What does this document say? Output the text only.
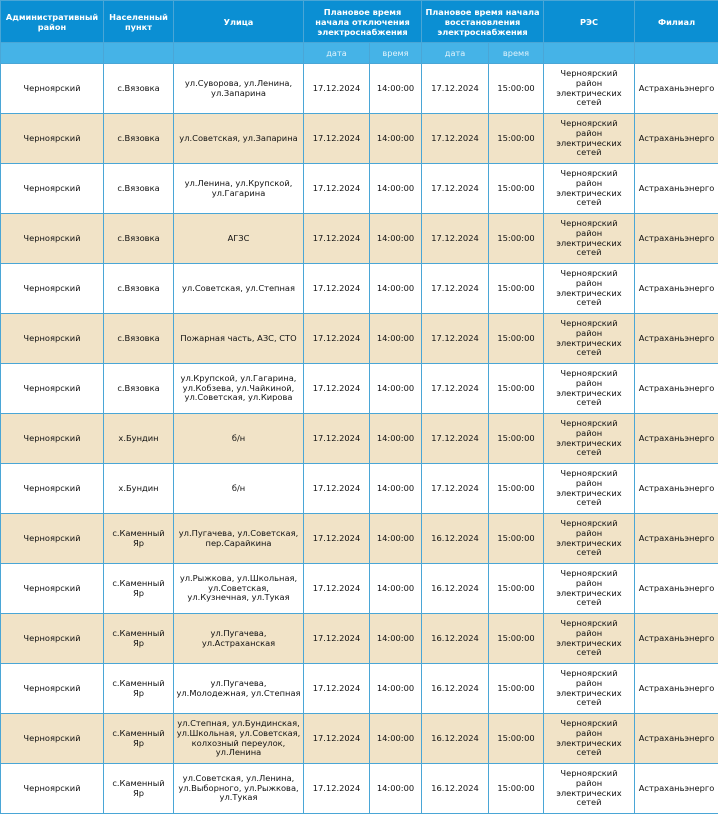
Административный район	Населенный пункт	Улица	Плановое время начала отключения электроснабжения		Плановое время начала восстановления электроснабжения		РЭС	Филиал
			дата	время	дата	время		
Черноярский	с.Вязовка	ул.Суворова, ул.Ленина, ул.Запарина	17.12.2024	14:00:00	17.12.2024	15:00:00	Черноярский район электрических сетей	Астраханьэнерго
Черноярский	с.Вязовка	ул.Советская, ул.Запарина	17.12.2024	14:00:00	17.12.2024	15:00:00	Черноярский район электрических сетей	Астраханьэнерго
Черноярский	с.Вязовка	ул.Ленина, ул.Крупской, ул.Гагарина	17.12.2024	14:00:00	17.12.2024	15:00:00	Черноярский район электрических сетей	Астраханьэнерго
Черноярский	с.Вязовка	АГЗС	17.12.2024	14:00:00	17.12.2024	15:00:00	Черноярский район электрических сетей	Астраханьэнерго
Черноярский	с.Вязовка	ул.Советская, ул.Степная	17.12.2024	14:00:00	17.12.2024	15:00:00	Черноярский район электрических сетей	Астраханьэнерго
Черноярский	с.Вязовка	Пожарная часть, АЗС, СТО	17.12.2024	14:00:00	17.12.2024	15:00:00	Черноярский район электрических сетей	Астраханьэнерго
Черноярский	с.Вязовка	ул.Крупской, ул.Гагарина, ул.Кобзева, ул.Чайкиной, ул.Советская, ул.Кирова	17.12.2024	14:00:00	17.12.2024	15:00:00	Черноярский район электрических сетей	Астраханьэнерго
Черноярский	х.Бундин	б/н	17.12.2024	14:00:00	17.12.2024	15:00:00	Черноярский район электрических сетей	Астраханьэнерго
Черноярский	х.Бундин	б/н	17.12.2024	14:00:00	17.12.2024	15:00:00	Черноярский район электрических сетей	Астраханьэнерго
Черноярский	с.Каменный Яр	ул.Пугачева, ул.Советская, пер.Сарайкина	17.12.2024	14:00:00	16.12.2024	15:00:00	Черноярский район электрических сетей	Астраханьэнерго
Черноярский	с.Каменный Яр	ул.Рыжкова, ул.Школьная, ул.Советская, ул.Кузнечная, ул.Тукая	17.12.2024	14:00:00	16.12.2024	15:00:00	Черноярский район электрических сетей	Астраханьэнерго
Черноярский	с.Каменный Яр	ул.Пугачева, ул.Астраханская	17.12.2024	14:00:00	16.12.2024	15:00:00	Черноярский район электрических сетей	Астраханьэнерго
Черноярский	с.Каменный Яр	ул.Пугачева, ул.Молодежная, ул.Степная	17.12.2024	14:00:00	16.12.2024	15:00:00	Черноярский район электрических сетей	Астраханьэнерго
Черноярский	с.Каменный Яр	ул.Степная, ул.Бундинская, ул.Школьная, ул.Советская, колхозный переулок, ул.Ленина	17.12.2024	14:00:00	16.12.2024	15:00:00	Черноярский район электрических сетей	Астраханьэнерго
Черноярский	с.Каменный Яр	ул.Советская, ул.Ленина, ул.Выборного, ул.Рыжкова, ул.Тукая	17.12.2024	14:00:00	16.12.2024	15:00:00	Черноярский район электрических сетей	Астраханьэнерго
